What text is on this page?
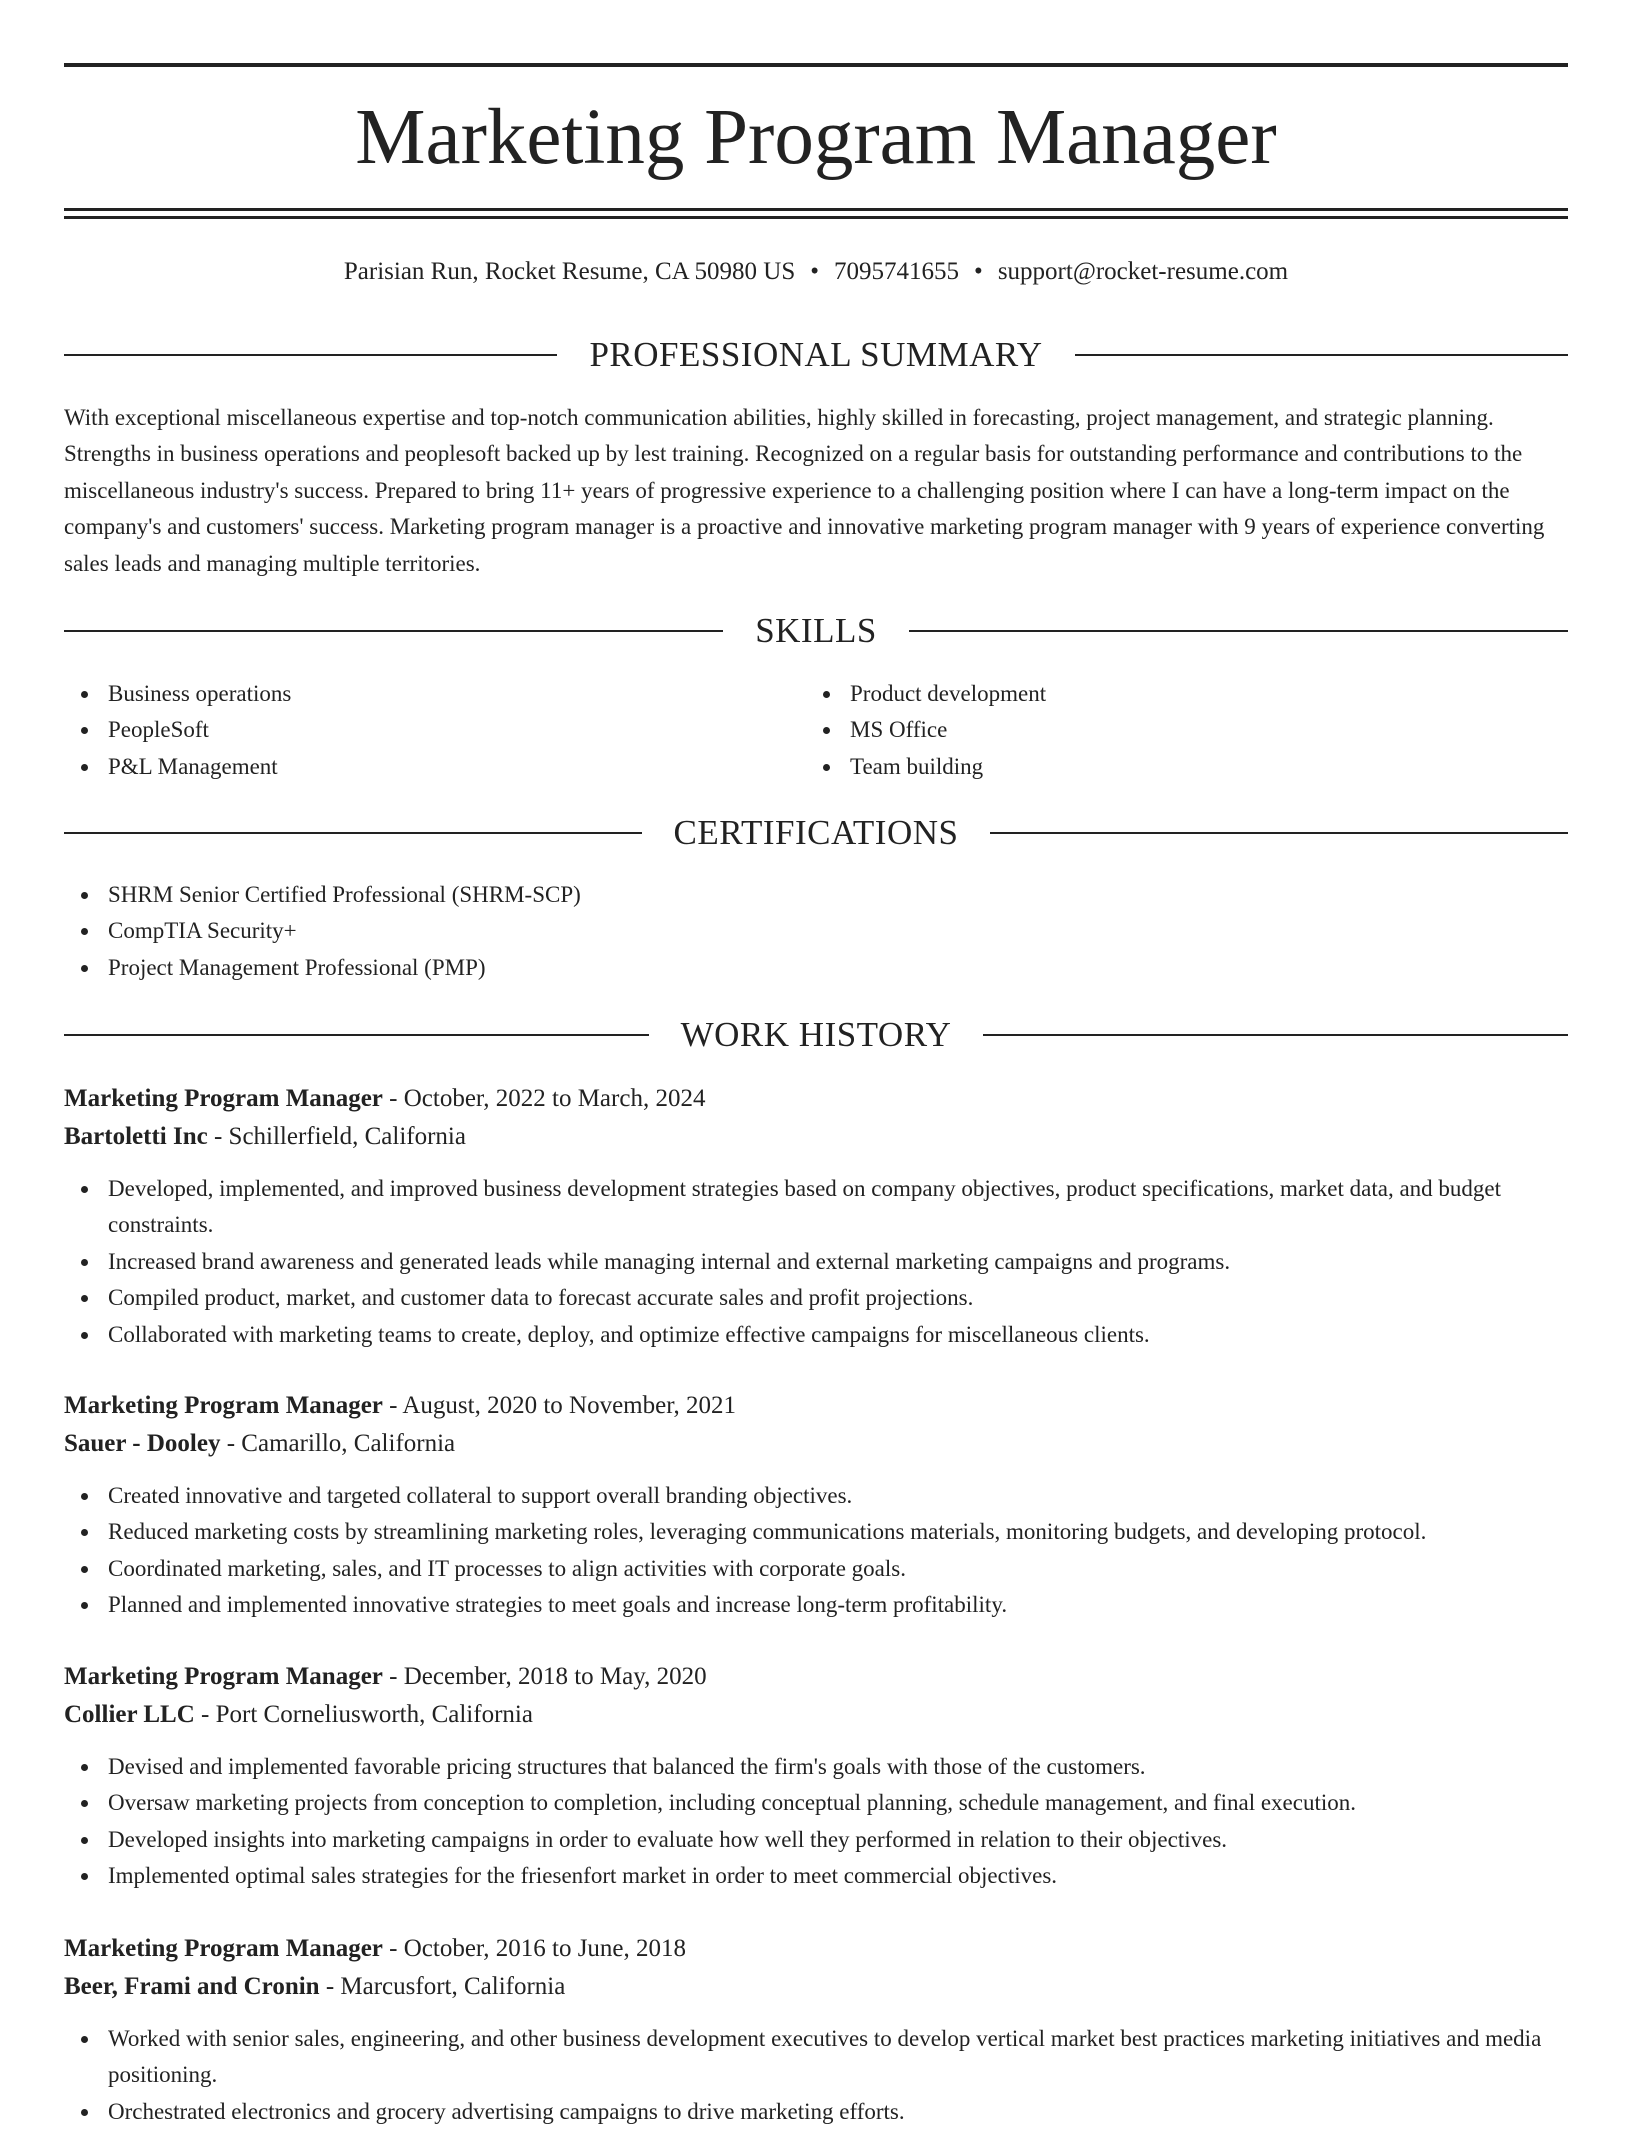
Marketing Program Manager
Parisian Run, Rocket Resume, CA 50980 US • 7095741655 • support@rocket-resume.com
PROFESSIONAL SUMMARY

With exceptional miscellaneous expertise and top-notch communication abilities, highly skilled in forecasting, project management, and strategic planning. Strengths in business operations and peoplesoft backed up by lest training. Recognized on a regular basis for outstanding performance and contributions to the miscellaneous industry's success. Prepared to bring 11+ years of progressive experience to a challenging position where I can have a long-term impact on the company's and customers' success. Marketing program manager is a proactive and innovative marketing program manager with 9 years of experience converting sales leads and managing multiple territories.

SKILLS
Business operations
PeopleSoft
P&L Management
Product development
MS Office
Team building
CERTIFICATIONS
SHRM Senior Certified Professional (SHRM-SCP)
CompTIA Security+
Project Management Professional (PMP)
WORK HISTORY
Marketing Program Manager - October, 2022 to March, 2024
Bartoletti Inc - Schillerfield, California
Developed, implemented, and improved business development strategies based on company objectives, product specifications, market data, and budget constraints.
Increased brand awareness and generated leads while managing internal and external marketing campaigns and programs.
Compiled product, market, and customer data to forecast accurate sales and profit projections.
Collaborated with marketing teams to create, deploy, and optimize effective campaigns for miscellaneous clients.
Marketing Program Manager - August, 2020 to November, 2021
Sauer - Dooley - Camarillo, California
Created innovative and targeted collateral to support overall branding objectives.
Reduced marketing costs by streamlining marketing roles, leveraging communications materials, monitoring budgets, and developing protocol.
Coordinated marketing, sales, and IT processes to align activities with corporate goals.
Planned and implemented innovative strategies to meet goals and increase long-term profitability.
Marketing Program Manager - December, 2018 to May, 2020
Collier LLC - Port Corneliusworth, California
Devised and implemented favorable pricing structures that balanced the firm's goals with those of the customers.
Oversaw marketing projects from conception to completion, including conceptual planning, schedule management, and final execution.
Developed insights into marketing campaigns in order to evaluate how well they performed in relation to their objectives.
Implemented optimal sales strategies for the friesenfort market in order to meet commercial objectives.
Marketing Program Manager - October, 2016 to June, 2018
Beer, Frami and Cronin - Marcusfort, California
Worked with senior sales, engineering, and other business development executives to develop vertical market best practices marketing initiatives and media positioning.
Orchestrated electronics and grocery advertising campaigns to drive marketing efforts.
